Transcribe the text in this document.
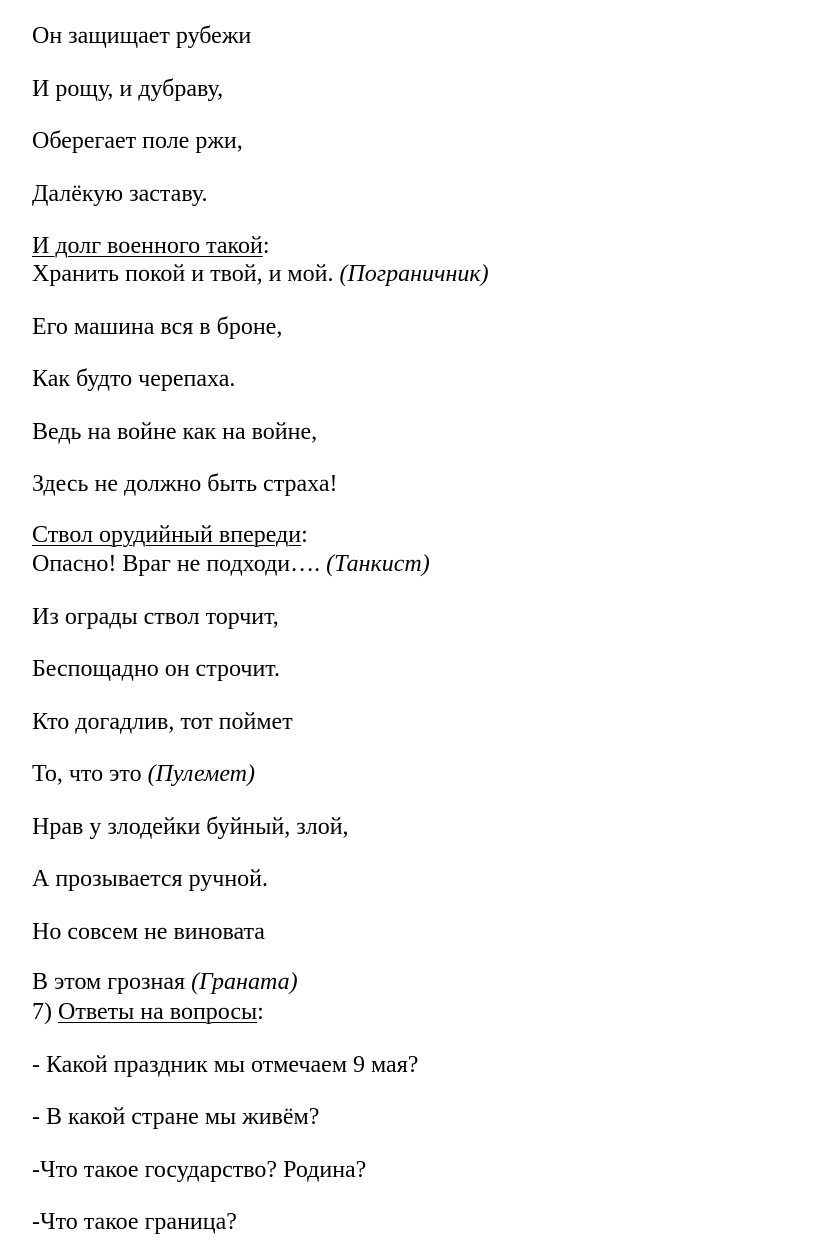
Он защищает рубежи
И рощу, и дубраву,
Оберегает поле ржи,
Далёкую заставу.
И долг военного такой:
Хранить покой и твой, и мой. (Пограничник)
Его машина вся в броне,
Как будто черепаха.
Ведь на войне как на войне,
Здесь не должно быть страха!
Ствол орудийный впереди:
Опасно! Враг не подходи…. (Танкист)
Из ограды ствол торчит,
Беспощадно он строчит.
Кто догадлив, тот поймет
То, что это (Пулемет)
Нрав у злодейки буйный, злой,
А прозывается ручной.
Но совсем не виновата
В этом грозная (Граната)
7) Ответы на вопросы:
- Какой праздник мы отмечаем 9 мая?
- В какой стране мы живём?
-Что такое государство? Родина?
-Что такое граница?
